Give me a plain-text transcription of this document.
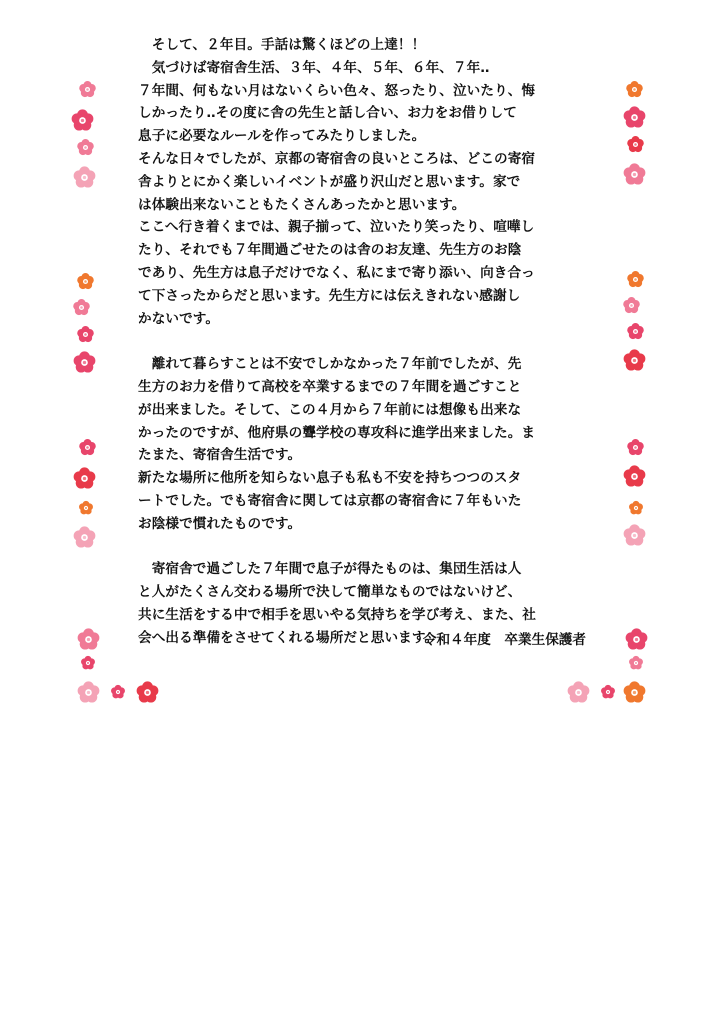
　そして、２年目。手話は驚くほどの上達！！

　気づけば寄宿舎生活、３年、４年、５年、６年、７年‥

７年間、何もない月はないくらい色々、怒ったり、泣いたり、悔

しかったり‥その度に舎の先生と話し合い、お力をお借りして

息子に必要なルールを作ってみたりしました。

そんな日々でしたが、京都の寄宿舎の良いところは、どこの寄宿

舎よりとにかく楽しいイベントが盛り沢山だと思います。家で

は体験出来ないこともたくさんあったかと思います。

ここへ行き着くまでは、親子揃って、泣いたり笑ったり、喧嘩し

たり、それでも７年間過ごせたのは舎のお友達、先生方のお陰

であり、先生方は息子だけでなく、私にまで寄り添い、向き合っ

て下さったからだと思います。先生方には伝えきれない感謝し

かないです。

　離れて暮らすことは不安でしかなかった７年前でしたが、先

生方のお力を借りて高校を卒業するまでの７年間を過ごすこと

が出来ました。そして、この４月から７年前には想像も出来な

かったのですが、他府県の聾学校の専攻科に進学出来ました。ま

たまた、寄宿舎生活です。

新たな場所に他所を知らない息子も私も不安を持ちつつのスタ

ートでした。でも寄宿舎に関しては京都の寄宿舎に７年もいた

お陰様で慣れたものです。

　寄宿舎で過ごした７年間で息子が得たものは、集団生活は人

と人がたくさん交わる場所で決して簡単なものではないけど、

共に生活をする中で相手を思いやる気持ちを学び考え、また、社

会へ出る準備をさせてくれる場所だと思います。

令和４年度　卒業生保護者
